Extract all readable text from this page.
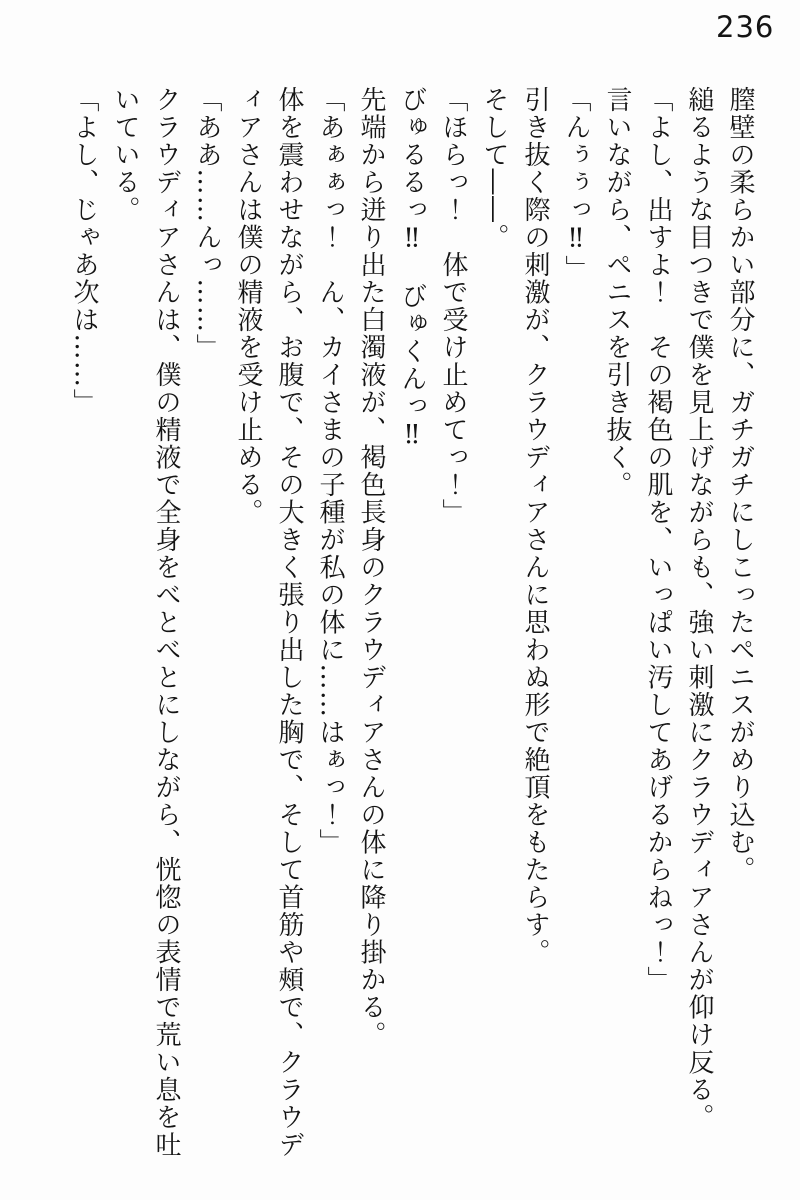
236

膣壁の柔らかい部分に、ガチガチにしこったペニスがめり込む。

縋るような目つきで僕を見上げながらも、強い刺激にクラウディアさんが仰け反る。

「よし、出すよ！　その褐色の肌を、いっぱい汚してあげるからねっ！」

言いながら、ペニスを引き抜く。

「んぅぅっ‼」

引き抜く際の刺激が、クラウディアさんに思わぬ形で絶頂をもたらす。

そして――。

「ほらっ！　体で受け止めてっ！」

びゅるるっ‼　びゅくんっ‼

先端から迸り出た白濁液が、褐色長身のクラウディアさんの体に降り掛かる。

「あぁぁっ！　ん、カイさまの子種が私の体に……はぁっ！」

体を震わせながら、お腹で、その大きく張り出した胸で、そして首筋や頰で、クラウディアさんは僕の精液を受け止める。

「ああ……んっ……」

クラウディアさんは、僕の精液で全身をべとべとにしながら、恍惚の表情で荒い息を吐いている。

「よし、じゃあ次は……」
